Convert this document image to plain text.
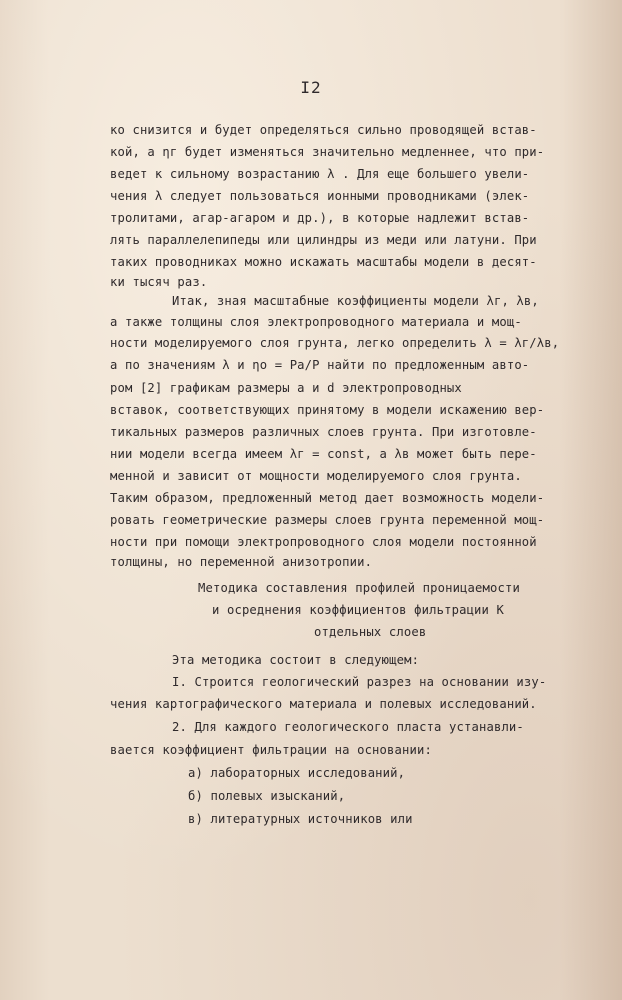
I2

ко снизится и будет определяться сильно проводящей встав-

кой, а ηг будет изменяться значительно медленнее, что при-

ведет к сильному возрастанию λ . Для еще большего увели-

чения λ следует пользоваться ионными проводниками (элек-

тролитами, агар-агаром и др.), в которые надлежит встав-

лять параллелепипеды или цилиндры из меди или латуни. При

таких проводниках можно искажать масштабы модели в десят-

ки тысяч раз.

Итак, зная масштабные коэффициенты модели λг, λв,

а также толщины слоя электропроводного материала и мощ-

ности моделируемого слоя грунта, легко определить λ = λг/λв,

а по значениям λ и ηо = Pa/P найти по предложенным авто-

ром [2] графикам размеры a и d электропроводных

вставок, соответствующих принятому в модели искажению вер-

тикальных размеров различных слоев грунта. При изготовле-

нии модели всегда имеем λг = const, а λв может быть пере-

менной и зависит от мощности моделируемого слоя грунта.

Таким образом, предложенный метод дает возможность модели-

ровать геометрические размеры слоев грунта переменной мощ-

ности при помощи электропроводного слоя модели постоянной

толщины, но переменной анизотропии.

Методика составления профилей проницаемости

и осреднения коэффициентов фильтрации К

отдельных слоев

Эта методика состоит в следующем:

I. Строится геологический разрез на основании изу-

чения картографического материала и полевых исследований.

2. Для каждого геологического пласта устанавли-

вается коэффициент фильтрации на основании:

а) лабораторных исследований,

б) полевых изысканий,

в) литературных источников или
